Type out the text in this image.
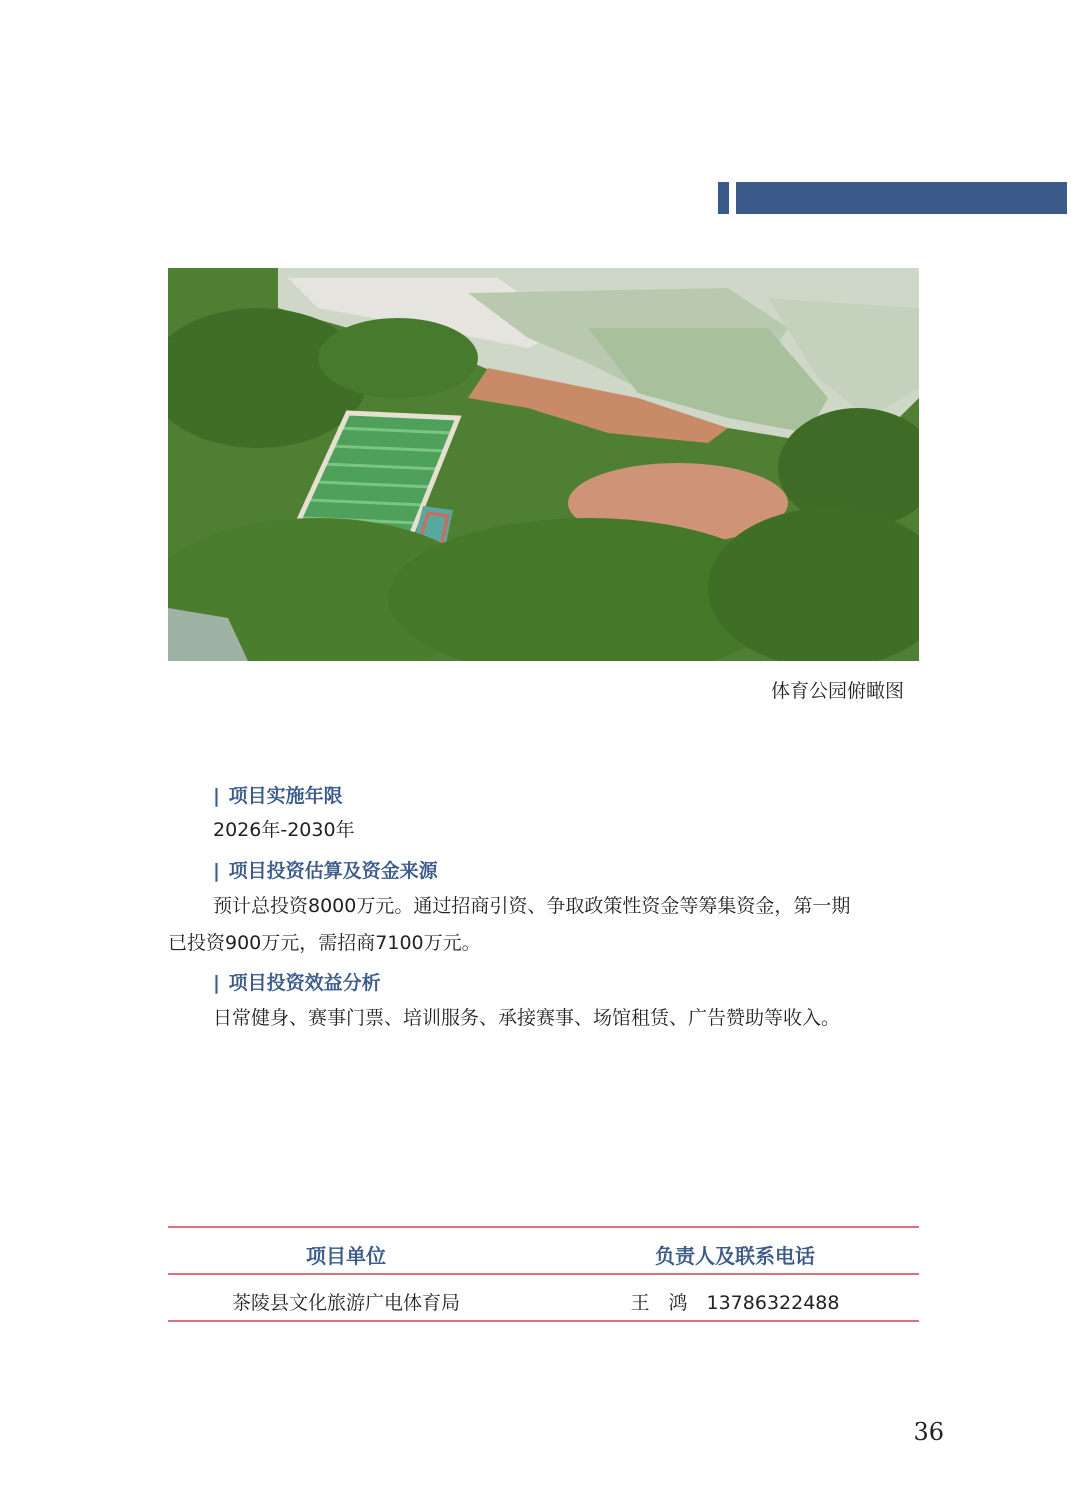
体育公园俯瞰图
| 项目实施年限
2026年-2030年
| 项目投资估算及资金来源
预计总投资8000万元。通过招商引资、争取政策性资金等筹集资金，第一期
已投资900万元，需招商7100万元。
| 项目投资效益分析
日常健身、赛事门票、培训服务、承接赛事、场馆租赁、广告赞助等收入。
项目单位	负责人及联系电话
茶陵县文化旅游广电体育局	王　鸿　13786322488
36
